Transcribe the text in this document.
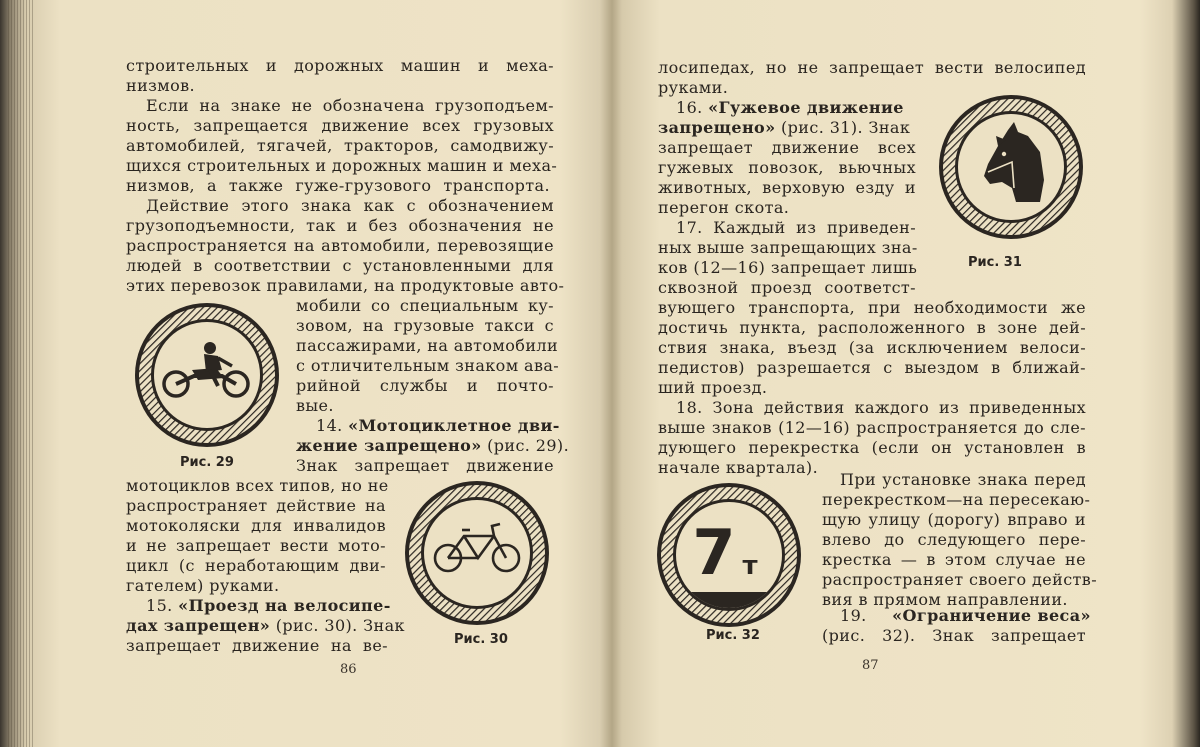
строительных и дорожных машин и меха-
низмов.
Если на знаке не обозначена грузоподъем-
ность, запрещается движение всех грузовых
автомобилей, тягачей, тракторов, самодвижу-
щихся строительных и дорожных машин и меха-
низмов, а также гуже-грузового транспорта.
Действие этого знака как с обозначением
грузоподъемности, так и без обозначения не
распространяется на автомобили, перевозящие
людей в соответствии с установленными для
этих перевозок правилами, на продуктовые авто-
мобили со специальным ку-
зовом, на грузовые такси с
пассажирами, на автомобили
с отличительным знаком ава-
рийной службы и почто-
вые.
14. «Мотоциклетное дви-
жение запрещено» (рис. 29).
Знак запрещает движение
мотоциклов всех типов, но не
распространяет действие на
мотоколяски для инвалидов
и не запрещает вести мото-
цикл (с неработающим дви-
гателем) руками.
15. «Проезд на велосипе-
дах запрещен» (рис. 30). Знак
запрещает движение на ве-
Рис. 29
Рис. 30
86
лосипедах, но не запрещает вести велосипед
руками.
16. «Гужевое движение
запрещено» (рис. 31). Знак
запрещает движение всех
гужевых повозок, вьючных
животных, верховую езду и
перегон скота.
17. Каждый из приведен-
ных выше запрещающих зна-
ков (12—16) запрещает лишь
сквозной проезд соответст-
вующего транспорта, при необходимости же
достичь пункта, расположенного в зоне дей-
ствия знака, въезд (за исключением велоси-
педистов) разрешается с выездом в ближай-
ший проезд.
18. Зона действия каждого из приведенных
выше знаков (12—16) распространяется до сле-
дующего перекрестка (если он установлен в
начале квартала).
При установке знака перед
перекрестком—на пересекаю-
щую улицу (дорогу) вправо и
влево до следующего пере-
крестка — в этом случае не
распространяет своего действ-
вия в прямом направлении.
19. «Ограничение веса»
(рис. 32). Знак запрещает
Рис. 31
7 т
Рис. 32
87
